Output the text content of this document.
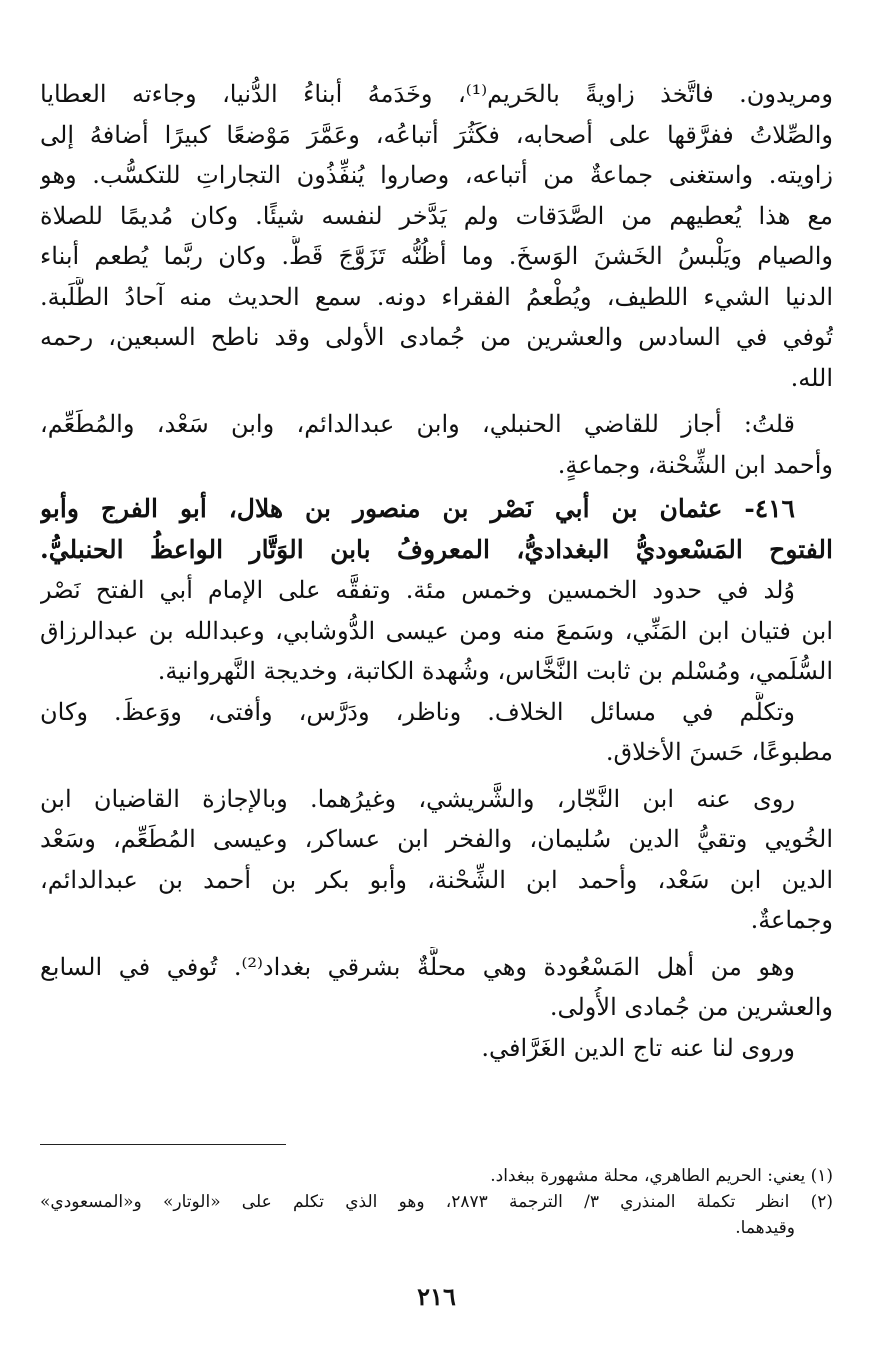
ومريدون. فاتَّخذ زاويةً بالحَريم⁽¹⁾، وخَدَمهُ أبناءُ الدُّنيا، وجاءته العطايا
والصِّلاتُ ففرَّقها على أصحابه، فكَثُرَ أتباعُه، وعَمَّرَ مَوْضعًا كبيرًا أضافهُ إلى
زاويته. واستغنى جماعةٌ من أتباعه، وصاروا يُنفِّذُون التجاراتِ للتكسُّب. وهو
مع هذا يُعطيهم من الصَّدَقات ولم يَدَّخر لنفسه شيئًا. وكان مُديمًا للصلاة
والصيام ويَلْبسُ الخَشنَ الوَسخَ. وما أظُنُّه تَزَوَّجَ قَطُّ. وكان ربَّما يُطعم أبناء
الدنيا الشيء اللطيف، ويُطْعمُ الفقراء دونه. سمع الحديث منه آحادُ الطَّلَبة.
تُوفي في السادس والعشرين من جُمادى الأولى وقد ناطح السبعين، رحمه
الله.
قلتُ: أجاز للقاضي الحنبلي، وابن عبدالدائم، وابن سَعْد، والمُطَعِّم،
وأحمد ابن الشِّحْنة، وجماعةٍ.
٤١٦- عثمان بن أبي نَصْر بن منصور بن هلال، أبو الفرج وأبو
الفتوح المَسْعوديُّ البغداديُّ، المعروفُ بابن الوَتَّار الواعظُ الحنبليُّ.
وُلد في حدود الخمسين وخمس مئة. وتفقَّه على الإمام أبي الفتح نَصْر
ابن فتيان ابن المَنِّي، وسَمعَ منه ومن عيسى الدُّوشابي، وعبدالله بن عبدالرزاق
السُّلَمي، ومُسْلم بن ثابت النَّخَّاس، وشُهدة الكاتبة، وخديجة النَّهروانية.
وتكلَّم في مسائل الخلاف. وناظر، ودَرَّس، وأفتى، ووَعظَ. وكان
مطبوعًا، حَسنَ الأخلاق.
روى عنه ابن النَّجّار، والشَّريشي، وغيرُهما. وبالإجازة القاضيان ابن
الخُويي وتقيُّ الدين سُليمان، والفخر ابن عساكر، وعيسى المُطَعِّم، وسَعْد
الدين ابن سَعْد، وأحمد ابن الشِّحْنة، وأبو بكر بن أحمد بن عبدالدائم،
وجماعةٌ.
وهو من أهل المَسْعُودة وهي محلَّةٌ بشرقي بغداد⁽²⁾. تُوفي في السابع
والعشرين من جُمادى الأُولى.
وروى لنا عنه تاج الدين الغَرَّافي.
(١) يعني: الحريم الطاهري، محلة مشهورة ببغداد.
(٢) انظر تكملة المنذري ٣/ الترجمة ٢٨٧٣، وهو الذي تكلم على «الوتار» و«المسعودي»
وقيدهما.
٢١٦
